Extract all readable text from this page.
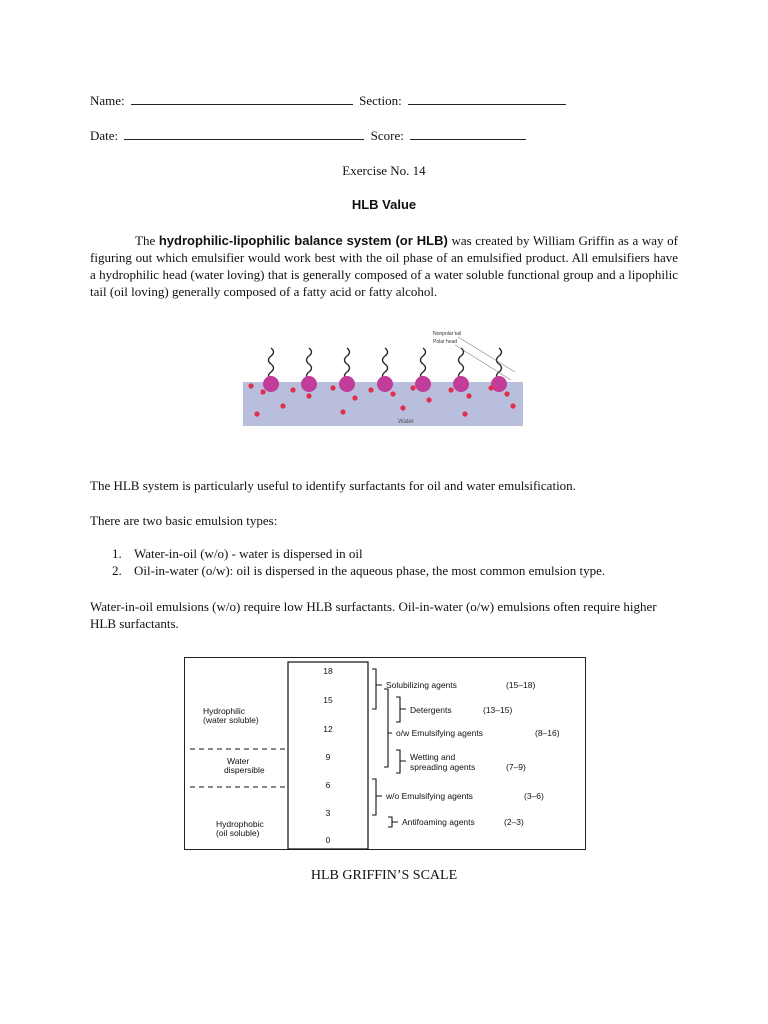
Name:	Section:
Date:	Score:
Exercise No. 14
HLB Value
The hydrophilic-lipophilic balance system (or HLB) was created by William Griffin as a way of figuring out which emulsifier would work best with the oil phase of an emulsified product. All emulsifiers have a hydrophilic head (water loving) that is generally composed of a water soluble functional group and a lipophilic tail (oil loving) generally composed of a fatty acid or fatty alcohol.
Nonpolar tail
Polar head
Water
The HLB system is particularly useful to identify surfactants for oil and water emulsification.
There are two basic emulsion types:
1. Water-in-oil (w/o) - water is dispersed in oil
2. Oil-in-water (o/w): oil is dispersed in the aqueous phase, the most common emulsion type.
Water-in-oil emulsions (w/o) require low HLB surfactants. Oil-in-water (o/w) emulsions often require higher HLB surfactants.
18
15
12
9
6
3
0
Hydrophilic
(water soluble)
Water
dispersible
Hydrophobic
(oil soluble)
Solubilizing agents	(15–18)
Detergents	(13–15)
o/w Emulsifying agents	(8–16)
Wetting and
spreading agents	(7–9)
w/o Emulsifying agents	(3–6)
Antifoaming agents	(2–3)
HLB GRIFFIN’S SCALE
